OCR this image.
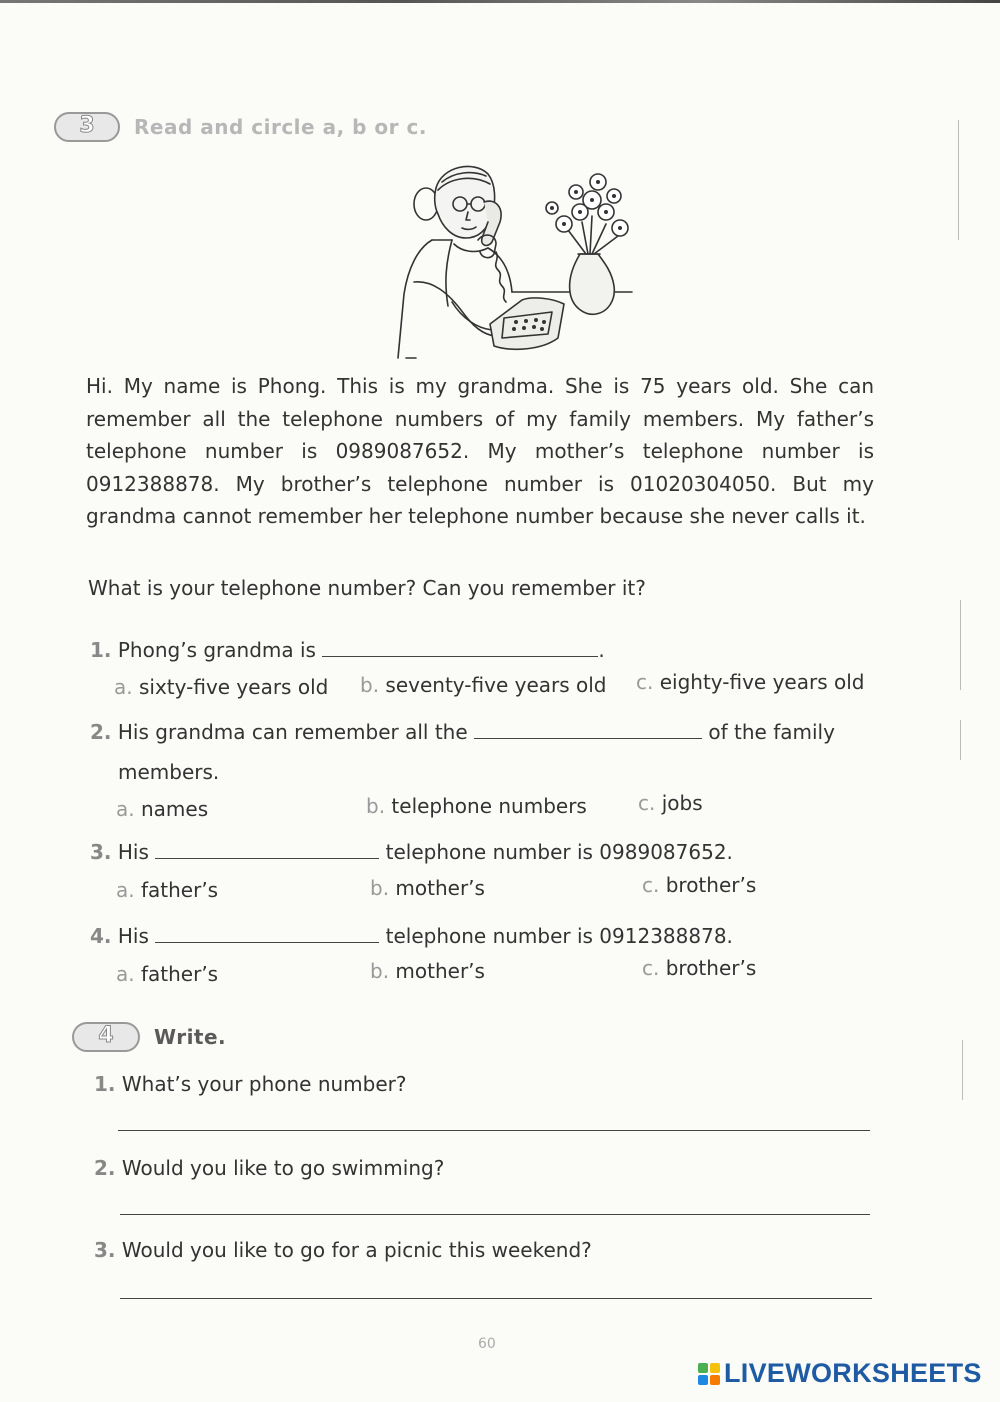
3	Read and circle a, b or c.
Hi. My name is Phong. This is my grandma. She is 75 years old. She can remember all the telephone numbers of my family members. My father’s telephone number is 0989087652. My mother’s telephone number is 0912388878. My brother’s telephone number is 01020304050. But my grandma cannot remember her telephone number because she never calls it.
What is your telephone number? Can you remember it?
1. Phong’s grandma is	.
a. sixty-five years old b. seventy-five years old c. eighty-five years old
2. His grandma can remember all the	of the family
members.
a. names	b. telephone numbers	c. jobs
3. His	telephone number is 0989087652.
a. father’s	b. mother’s	c. brother’s
4. His	telephone number is 0912388878.
a. father’s	b. mother’s	c. brother’s
4	Write.
1. What’s your phone number?
2. Would you like to go swimming?
3. Would you like to go for a picnic this weekend?
60
LIVEWORKSHEETS
